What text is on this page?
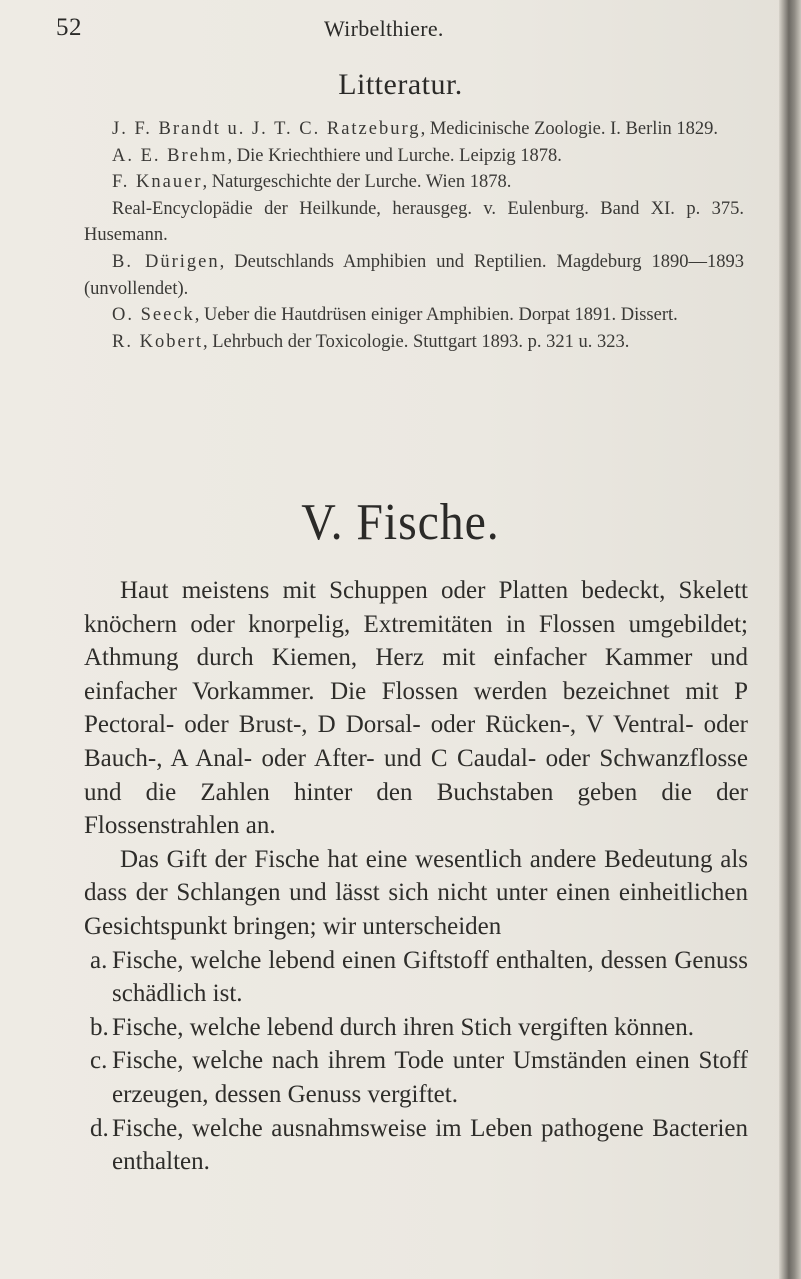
52	Wirbelthiere.
Litteratur.

J. F. Brandt u. J. T. C. Ratzeburg, Medicinische Zoologie. I. Berlin 1829.

A. E. Brehm, Die Kriechthiere und Lurche. Leipzig 1878.

F. Knauer, Naturgeschichte der Lurche. Wien 1878.

Real-Encyclopädie der Heilkunde, herausgeg. v. Eulenburg. Band XI. p. 375. Husemann.

B. Dürigen, Deutschlands Amphibien und Reptilien. Magdeburg 1890—1893 (unvollendet).

O. Seeck, Ueber die Hautdrüsen einiger Amphibien. Dorpat 1891. Dissert.

R. Kobert, Lehrbuch der Toxicologie. Stuttgart 1893. p. 321 u. 323.

V. Fische.

Haut meistens mit Schuppen oder Platten bedeckt, Skelett knöchern oder knorpelig, Extremitäten in Flossen umgebildet; Athmung durch Kiemen, Herz mit einfacher Kammer und einfacher Vorkammer. Die Flossen werden bezeichnet mit P Pectoral- oder Brust-, D Dorsal- oder Rücken-, V Ventral- oder Bauch-, A Anal- oder After- und C Caudal- oder Schwanzflosse und die Zahlen hinter den Buchstaben geben die der Flossenstrahlen an.

Das Gift der Fische hat eine wesentlich andere Bedeutung als dass der Schlangen und lässt sich nicht unter einen einheitlichen Gesichtspunkt bringen; wir unterscheiden

a. Fische, welche lebend einen Giftstoff enthalten, dessen Genuss schädlich ist.
b. Fische, welche lebend durch ihren Stich vergiften können.
c. Fische, welche nach ihrem Tode unter Umständen einen Stoff erzeugen, dessen Genuss vergiftet.
d. Fische, welche ausnahmsweise im Leben pathogene Bacterien enthalten.
